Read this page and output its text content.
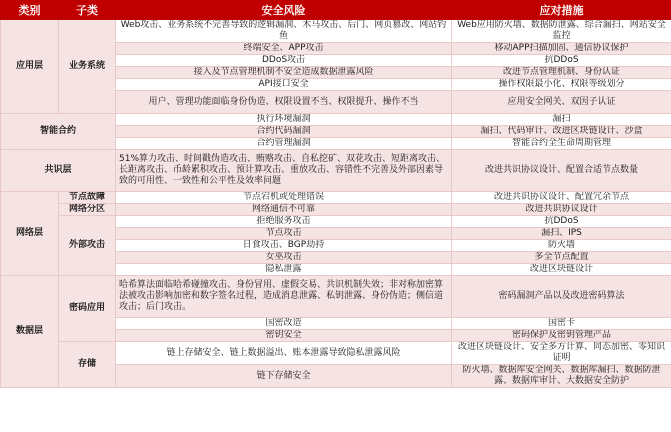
类别	子类	安全风险	应对措施
应用层	业务系统	Web攻击、业务系统不完善导致的逻辑漏洞、木马攻击、后门、网页篡改、网站钓鱼	Web应用防火墙、数据防泄露、综合漏扫、网站安全监控
		终端安全、APP攻击	移动APP扫描加固、通信协议保护
		DDoS攻击	抗DDoS
		接入及节点管理机制不安全造成数据泄露风险	改进节点管理机制、身份认证
		API接口安全	操作权限最小化、权限等级划分
		用户、管理功能面临身份伪造、权限设置不当、权限提升、操作不当	应用安全网关、双因子认证
智能合约		执行环境漏洞	漏扫
		合约代码漏洞	漏扫、代码审计、改进区块链设计、沙盒
		合约管理漏洞	智能合约全生命周期管理
共识层		51%算力攻击、时间戳伪造攻击、贿赂攻击、自私挖矿、双花攻击、短距离攻击、长距离攻击、币龄累积攻击、预计算攻击、重放攻击、容错性不完善及外部因素导致的可用性、一致性和公平性及效率问题	改进共识协议设计、配置合适节点数量
网络层	节点故障	节点宕机或处理错误	改进共识协议设计、配置冗余节点
	网络分区	网络通信不可靠	改进共识协议设计
	外部攻击	拒绝服务攻击	抗DDoS
		节点攻击	漏扫、IPS
		日食攻击、BGP劫持	防火墙
		女巫攻击	多全节点配置
		隐私泄露	改进区块链设计
数据层	密码应用	哈希算法面临哈希碰撞攻击、身份冒用、虚假交易、共识机制失效；非对称加密算法被攻击影响加密和数字签名过程，造成消息泄露、私钥泄露、身份伪造；侧信道攻击；后门攻击。	密码漏洞产品以及改进密码算法
		国密改造	国密卡
		密钥安全	密码保护及密钥管理产品
	存储	链上存储安全、链上数据溢出、账本泄露导致隐私泄露风险	改进区块链设计、安全多方计算、同态加密、零知识证明
		链下存储安全	防火墙、数据库安全网关、数据库漏扫、数据防泄露、数据库审计、大数据安全防护
